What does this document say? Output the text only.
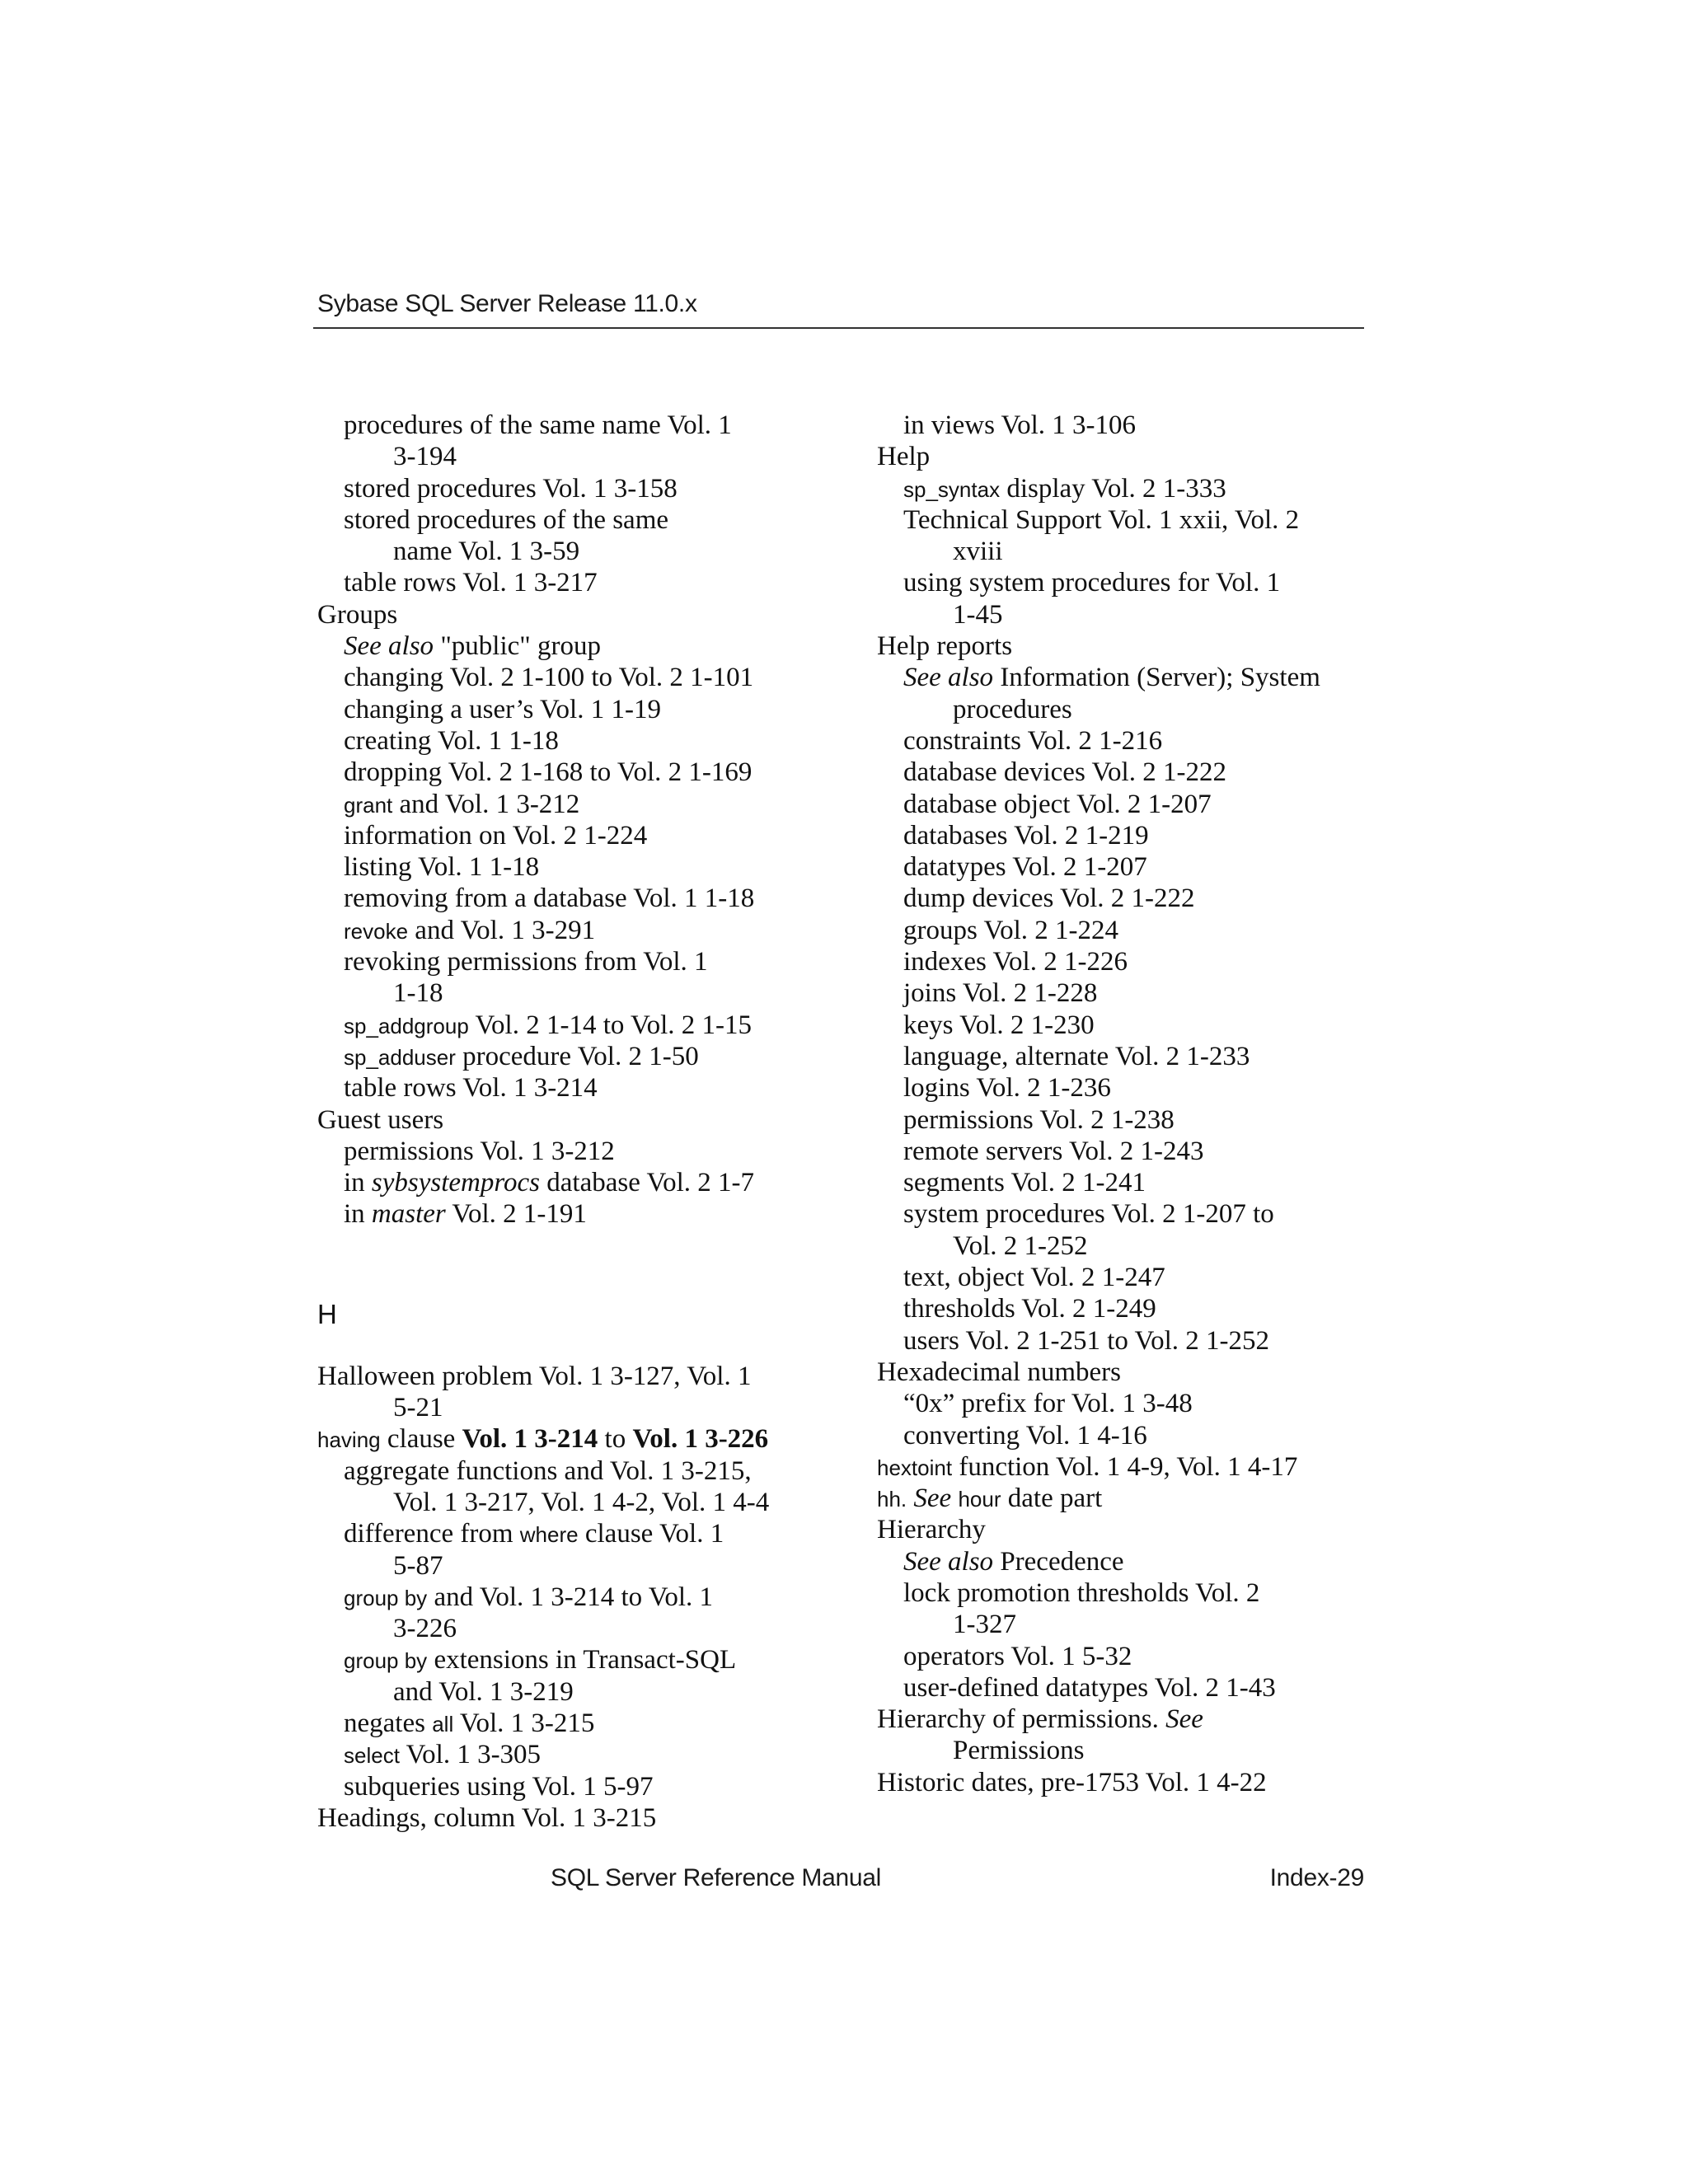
Sybase SQL Server Release 11.0.x
procedures of the same name Vol. 1
3-194
stored procedures Vol. 1 3-158
stored procedures of the same
name Vol. 1 3-59
table rows Vol. 1 3-217
Groups
See also "public" group
changing Vol. 2 1-100 to Vol. 2 1-101
changing a user’s Vol. 1 1-19
creating Vol. 1 1-18
dropping Vol. 2 1-168 to Vol. 2 1-169
grant and Vol. 1 3-212
information on Vol. 2 1-224
listing Vol. 1 1-18
removing from a database Vol. 1 1-18
revoke and Vol. 1 3-291
revoking permissions from Vol. 1
1-18
sp_addgroup Vol. 2 1-14 to Vol. 2 1-15
sp_adduser procedure Vol. 2 1-50
table rows Vol. 1 3-214
Guest users
permissions Vol. 1 3-212
in sybsystemprocs database Vol. 2 1-7
in master Vol. 2 1-191
H
Halloween problem Vol. 1 3-127, Vol. 1
5-21
having clause Vol. 1 3-214 to Vol. 1 3-226
aggregate functions and Vol. 1 3-215,
Vol. 1 3-217, Vol. 1 4-2, Vol. 1 4-4
difference from where clause Vol. 1
5-87
group by and Vol. 1 3-214 to Vol. 1
3-226
group by extensions in Transact-SQL
and Vol. 1 3-219
negates all Vol. 1 3-215
select Vol. 1 3-305
subqueries using Vol. 1 5-97
Headings, column Vol. 1 3-215
in views Vol. 1 3-106
Help
sp_syntax display Vol. 2 1-333
Technical Support Vol. 1 xxii, Vol. 2
xviii
using system procedures for Vol. 1
1-45
Help reports
See also Information (Server); System
procedures
constraints Vol. 2 1-216
database devices Vol. 2 1-222
database object Vol. 2 1-207
databases Vol. 2 1-219
datatypes Vol. 2 1-207
dump devices Vol. 2 1-222
groups Vol. 2 1-224
indexes Vol. 2 1-226
joins Vol. 2 1-228
keys Vol. 2 1-230
language, alternate Vol. 2 1-233
logins Vol. 2 1-236
permissions Vol. 2 1-238
remote servers Vol. 2 1-243
segments Vol. 2 1-241
system procedures Vol. 2 1-207 to
Vol. 2 1-252
text, object Vol. 2 1-247
thresholds Vol. 2 1-249
users Vol. 2 1-251 to Vol. 2 1-252
Hexadecimal numbers
“0x” prefix for Vol. 1 3-48
converting Vol. 1 4-16
hextoint function Vol. 1 4-9, Vol. 1 4-17
hh. See hour date part
Hierarchy
See also Precedence
lock promotion thresholds Vol. 2
1-327
operators Vol. 1 5-32
user-defined datatypes Vol. 2 1-43
Hierarchy of permissions. See
Permissions
Historic dates, pre-1753 Vol. 1 4-22
SQL Server Reference Manual	Index-29
